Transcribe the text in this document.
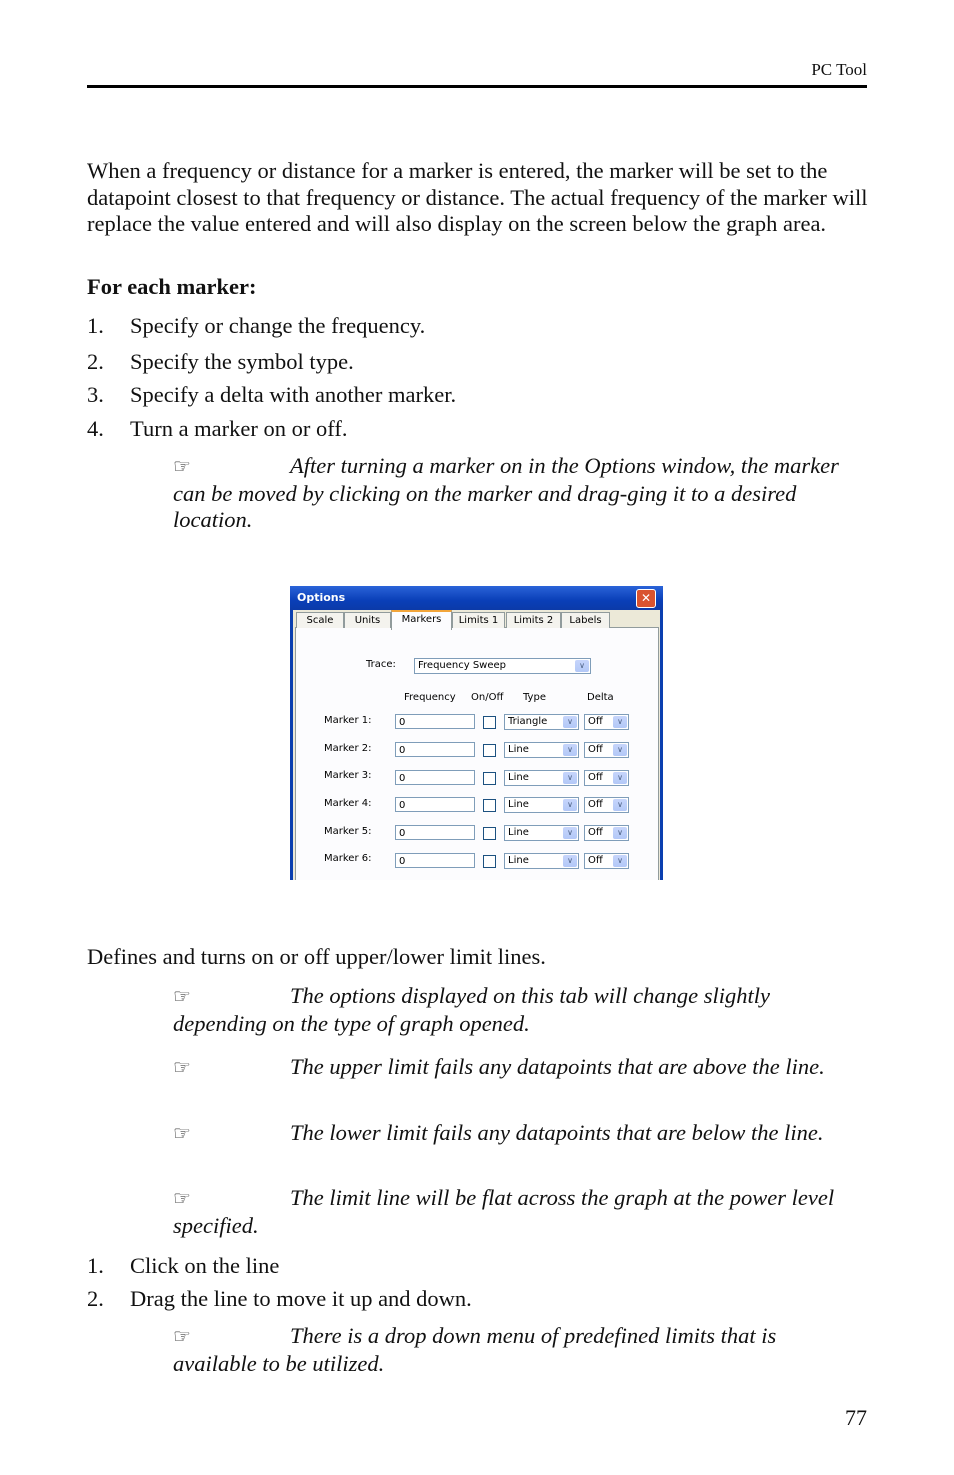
PC Tool
When a frequency or distance for a marker is entered, the marker will be set to the datapoint closest to that frequency or distance. The actual frequency of the marker will replace the value entered and will also display on the screen below the graph area.
For each marker:
1. Specify or change the frequency.
2. Specify the symbol type.
3. Specify a delta with another marker.
4. Turn a marker on or off.
☞	After turning a marker on in the Options window, the marker can be moved by clicking on the marker and drag-ging it to a desired location.
Options	✕
Scale	Units	Markers	Limits 1	Limits 2	Labels
Trace:	Frequency Sweep	∨
Frequency On/Off Type	Delta
Marker 1:	0	Triangle	∨	Off	∨
Marker 2:	0	Line	∨	Off	∨
Marker 3:	0	Line	∨	Off	∨
Marker 4:	0	Line	∨	Off	∨
Marker 5:	0	Line	∨	Off	∨
Marker 6:	0	Line	∨	Off	∨
Defines and turns on or off upper/lower limit lines.
☞	The options displayed on this tab will change slightly depending on the type of graph opened.
☞	The upper limit fails any datapoints that are above the line.
☞	The lower limit fails any datapoints that are below the line.
☞	The limit line will be flat across the graph at the power level specified.
1. Click on the line
2. Drag the line to move it up and down.
☞	There is a drop down menu of predefined limits that is available to be utilized.
77
